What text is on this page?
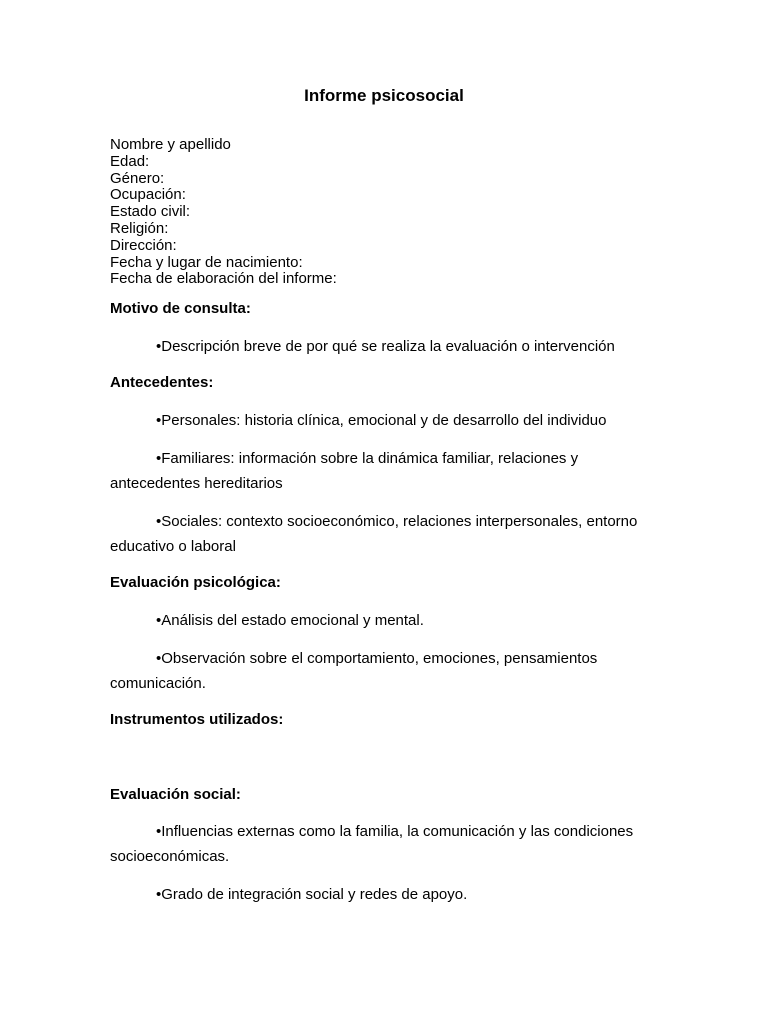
Informe psicosocial
Nombre y apellido
Edad:
Género:
Ocupación:
Estado civil:
Religión:
Dirección:
Fecha y lugar de nacimiento:
Fecha de elaboración del informe:
Motivo de consulta:
•Descripción breve de por qué se realiza la evaluación o intervención
Antecedentes:
•Personales: historia clínica, emocional y de desarrollo del individuo
•Familiares: información sobre la dinámica familiar, relaciones y antecedentes hereditarios
•Sociales: contexto socioeconómico, relaciones interpersonales, entorno educativo o laboral
Evaluación psicológica:
•Análisis del estado emocional y mental.
•Observación sobre el comportamiento, emociones, pensamientos comunicación.
Instrumentos utilizados:
Evaluación social:
•Influencias externas como la familia, la comunicación y las condiciones socioeconómicas.
•Grado de integración social y redes de apoyo.
